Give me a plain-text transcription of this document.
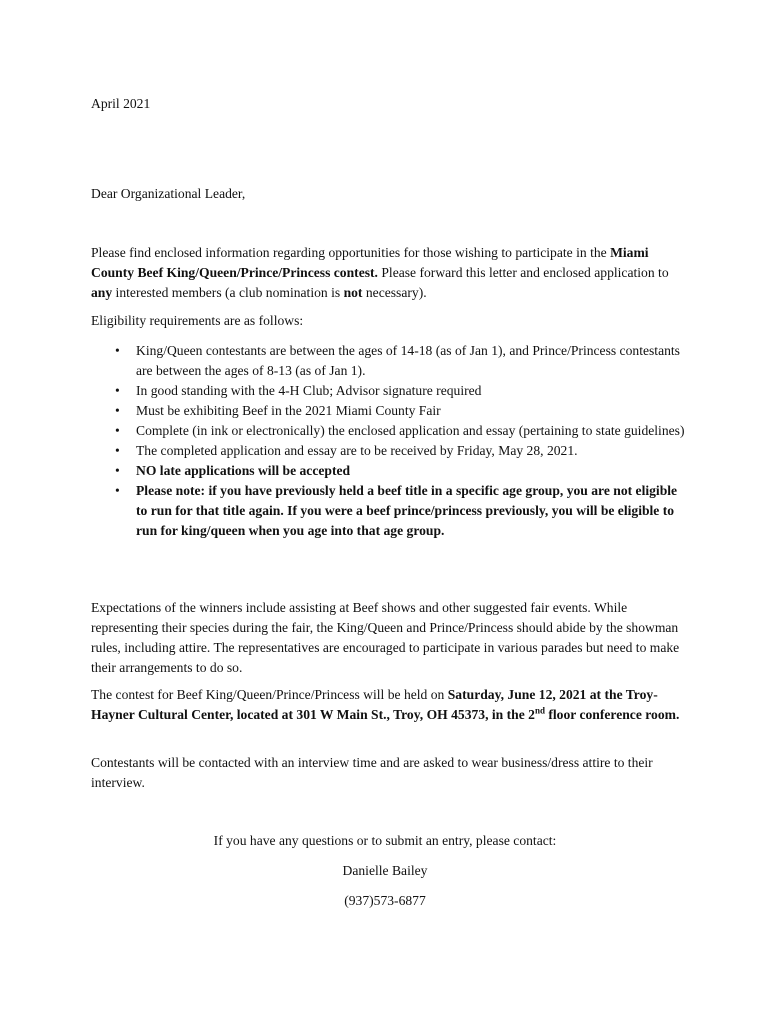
April 2021

Dear Organizational Leader,

Please find enclosed information regarding opportunities for those wishing to participate in the Miami County Beef King/Queen/Prince/Princess contest. Please forward this letter and enclosed application to any interested members (a club nomination is not necessary).

Eligibility requirements are as follows:

• King/Queen contestants are between the ages of 14-18 (as of Jan 1), and Prince/Princess contestants are between the ages of 8-13 (as of Jan 1).
• In good standing with the 4-H Club; Advisor signature required
• Must be exhibiting Beef in the 2021 Miami County Fair
• Complete (in ink or electronically) the enclosed application and essay (pertaining to state guidelines)
• The completed application and essay are to be received by Friday, May 28, 2021.
• NO late applications will be accepted
• Please note: if you have previously held a beef title in a specific age group, you are not eligible to run for that title again. If you were a beef prince/princess previously, you will be eligible to run for king/queen when you age into that age group.

Expectations of the winners include assisting at Beef shows and other suggested fair events. While representing their species during the fair, the King/Queen and Prince/Princess should abide by the showman rules, including attire. The representatives are encouraged to participate in various parades but need to make their arrangements to do so.

The contest for Beef King/Queen/Prince/Princess will be held on Saturday, June 12, 2021 at the Troy-Hayner Cultural Center, located at 301 W Main St., Troy, OH 45373, in the 2nd floor conference room.

Contestants will be contacted with an interview time and are asked to wear business/dress attire to their interview.

If you have any questions or to submit an entry, please contact:

Danielle Bailey

(937)573-6877
